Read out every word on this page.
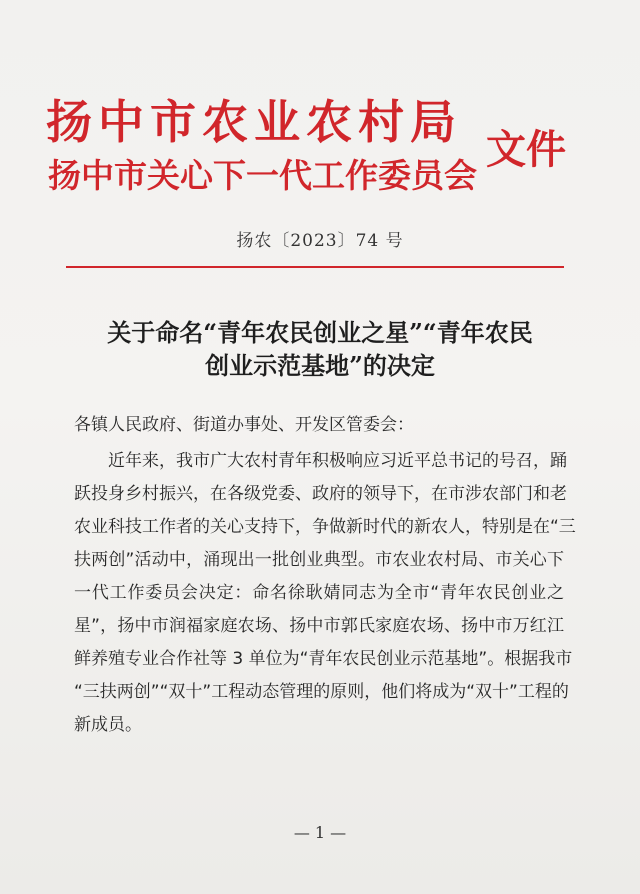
扬中市农业农村局
扬中市关心下一代工作委员会
文件
扬农〔2023〕74 号
关于命名“青年农民创业之星”“青年农民
创业示范基地”的决定
各镇人民政府、街道办事处、开发区管委会：
近年来，我市广大农村青年积极响应习近平总书记的号召，踊
跃投身乡村振兴，在各级党委、政府的领导下，在市涉农部门和老
农业科技工作者的关心支持下，争做新时代的新农人，特别是在“三
扶两创”活动中，涌现出一批创业典型。市农业农村局、市关心下
一代工作委员会决定：命名徐耿婧同志为全市“青年农民创业之
星”，扬中市润福家庭农场、扬中市郭氏家庭农场、扬中市万红江
鲜养殖专业合作社等 3 单位为“青年农民创业示范基地”。根据我市
“三扶两创”“双十”工程动态管理的原则，他们将成为“双十”工程的
新成员。
— 1 —
